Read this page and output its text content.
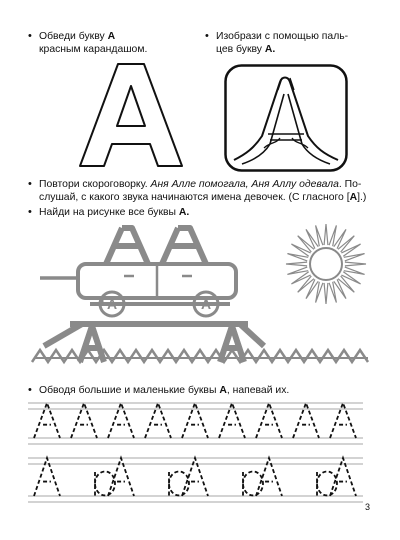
• Обведи букву А
красным карандашом.
• Изобрази с помощью паль-
цев букву А.
• Повтори скороговорку. Аня Алле помогала, Аня Аллу одевала. По-
слушай, с какого звука начинаются имена девочек. (С гласного [А].)
• Найди на рисунке все буквы А.
А	А
• Обводя большие и маленькие буквы А, напевай их.
3
